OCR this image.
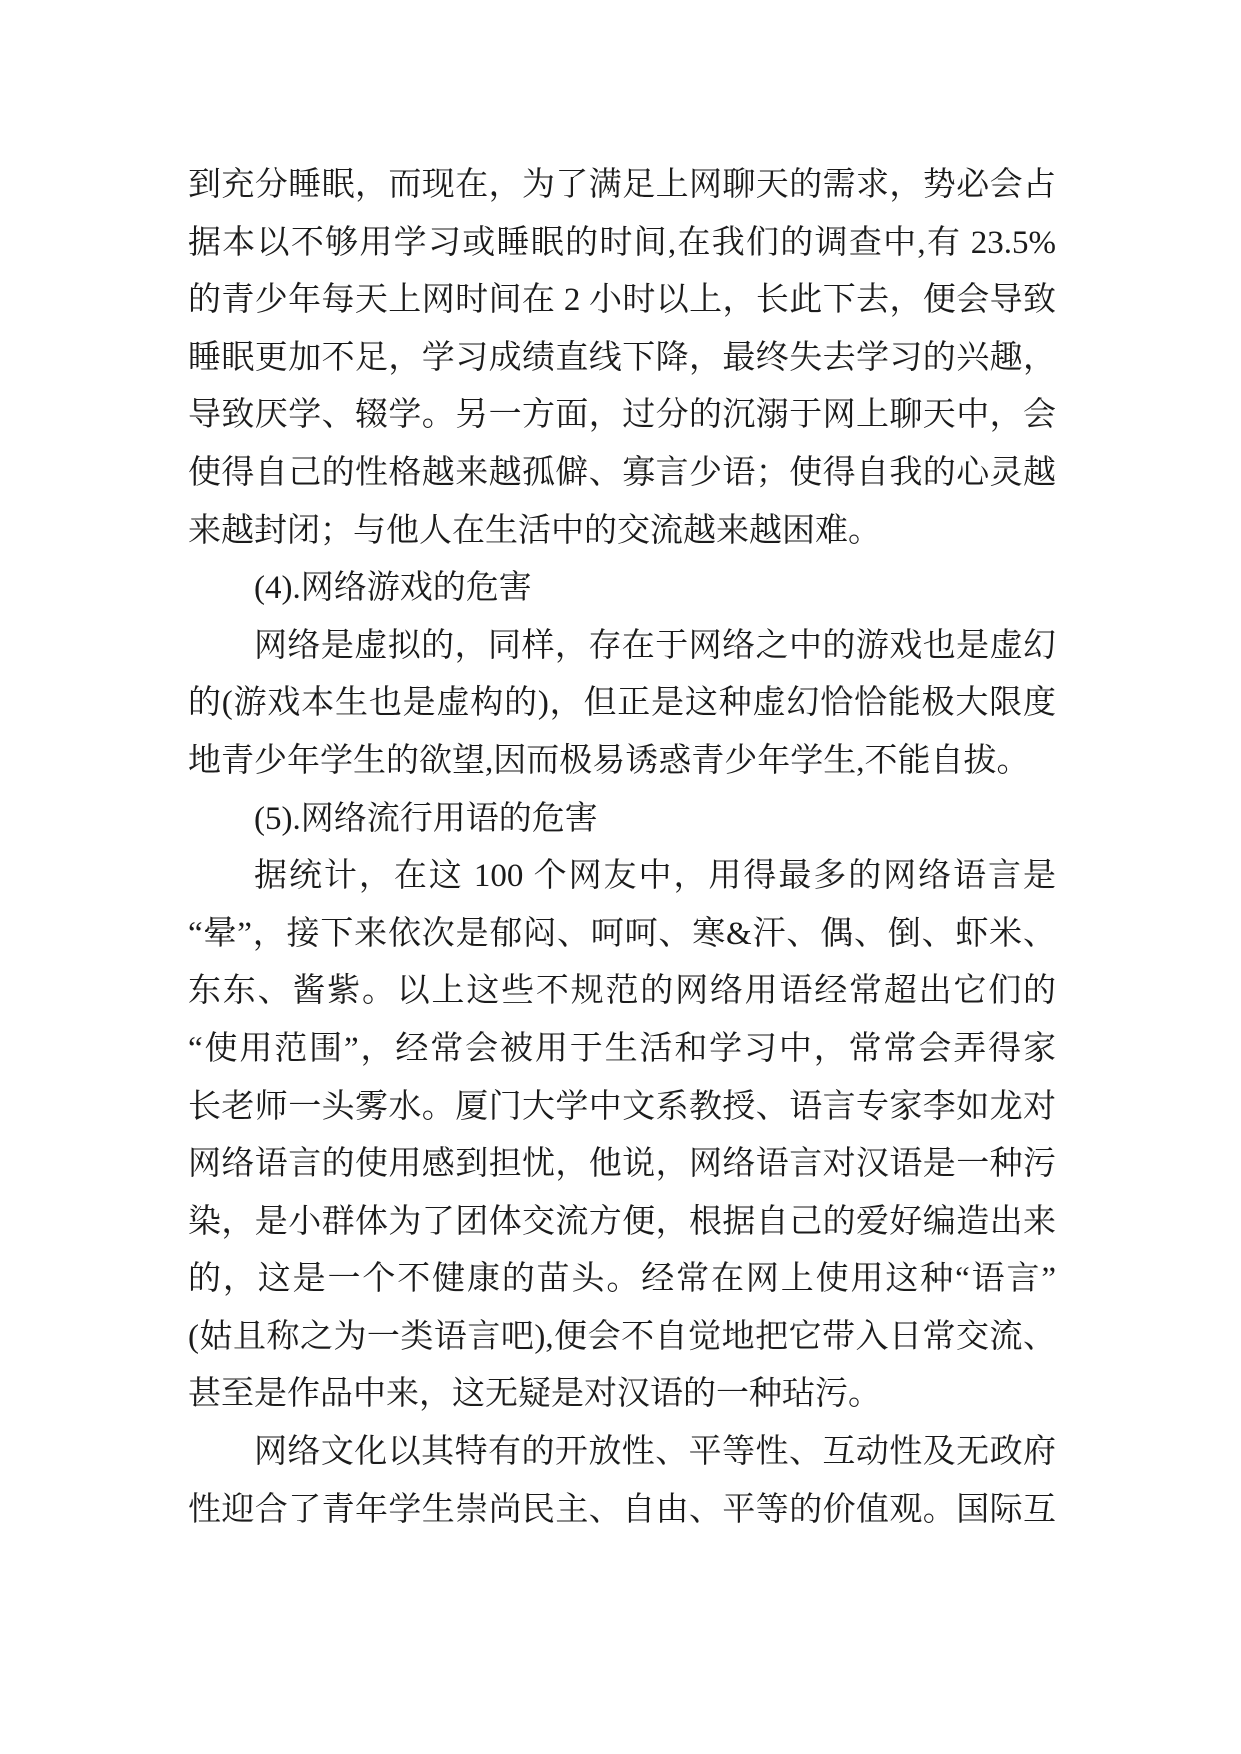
到充分睡眠，而现在，为了满足上网聊天的需求，势必会占
据本以不够用学习或睡眠的时间,在我们的调查中,有 23.5%
的青少年每天上网时间在 2 小时以上，长此下去，便会导致
睡眠更加不足，学习成绩直线下降，最终失去学习的兴趣，
导致厌学、辍学。另一方面，过分的沉溺于网上聊天中，会
使得自己的性格越来越孤僻、寡言少语；使得自我的心灵越
来越封闭；与他人在生活中的交流越来越困难。
(4).网络游戏的危害
网络是虚拟的，同样，存在于网络之中的游戏也是虚幻
的(游戏本生也是虚构的)，但正是这种虚幻恰恰能极大限度
地青少年学生的欲望,因而极易诱惑青少年学生,不能自拔。
(5).网络流行用语的危害
据统计，在这 100 个网友中，用得最多的网络语言是
“晕”，接下来依次是郁闷、呵呵、寒&汗、偶、倒、虾米、
东东、酱紫。以上这些不规范的网络用语经常超出它们的
“使用范围”，经常会被用于生活和学习中，常常会弄得家
长老师一头雾水。厦门大学中文系教授、语言专家李如龙对
网络语言的使用感到担忧，他说，网络语言对汉语是一种污
染，是小群体为了团体交流方便，根据自己的爱好编造出来
的，这是一个不健康的苗头。经常在网上使用这种“语言”
(姑且称之为一类语言吧),便会不自觉地把它带入日常交流、
甚至是作品中来，这无疑是对汉语的一种玷污。
网络文化以其特有的开放性、平等性、互动性及无政府
性迎合了青年学生崇尚民主、自由、平等的价值观。国际互
